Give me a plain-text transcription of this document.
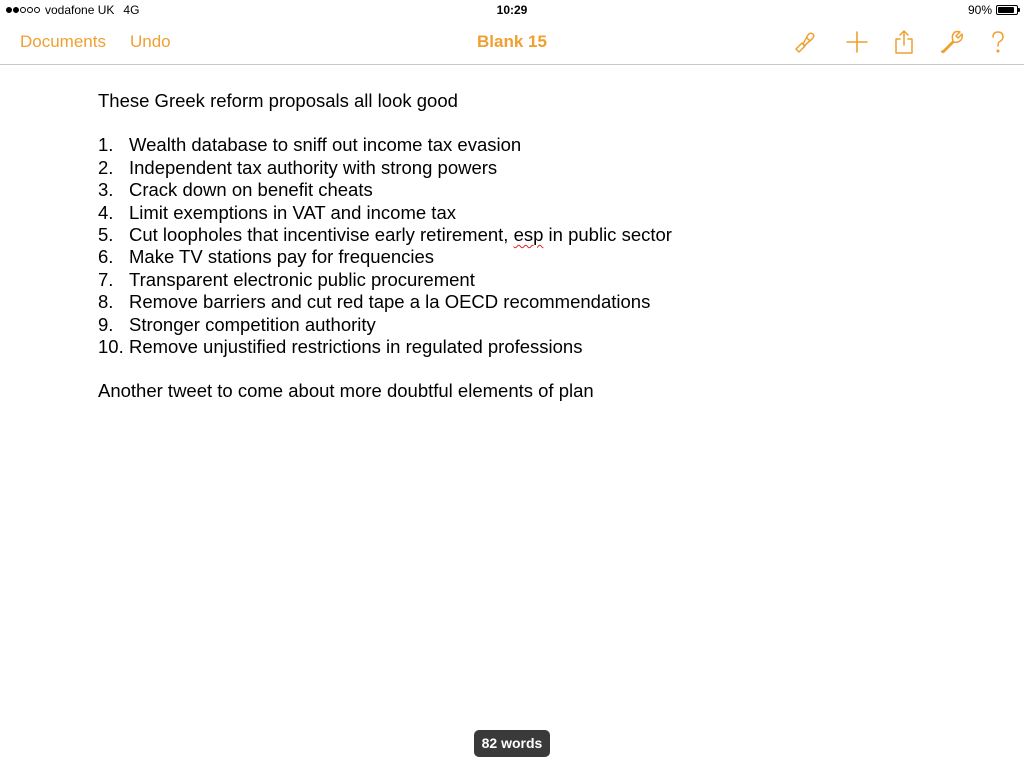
vodafone UK 4G	10:29	90%
Documents Undo	Blank 15

These Greek reform proposals all look good

1. Wealth database to sniff out income tax evasion
2. Independent tax authority with strong powers
3. Crack down on benefit cheats
4. Limit exemptions in VAT and income tax
5. Cut loopholes that incentivise early retirement, esp in public sector
6. Make TV stations pay for frequencies
7. Transparent electronic public procurement
8. Remove barriers and cut red tape a la OECD recommendations
9. Stronger competition authority
10. Remove unjustified restrictions in regulated professions

Another tweet to come about more doubtful elements of plan

82 words
